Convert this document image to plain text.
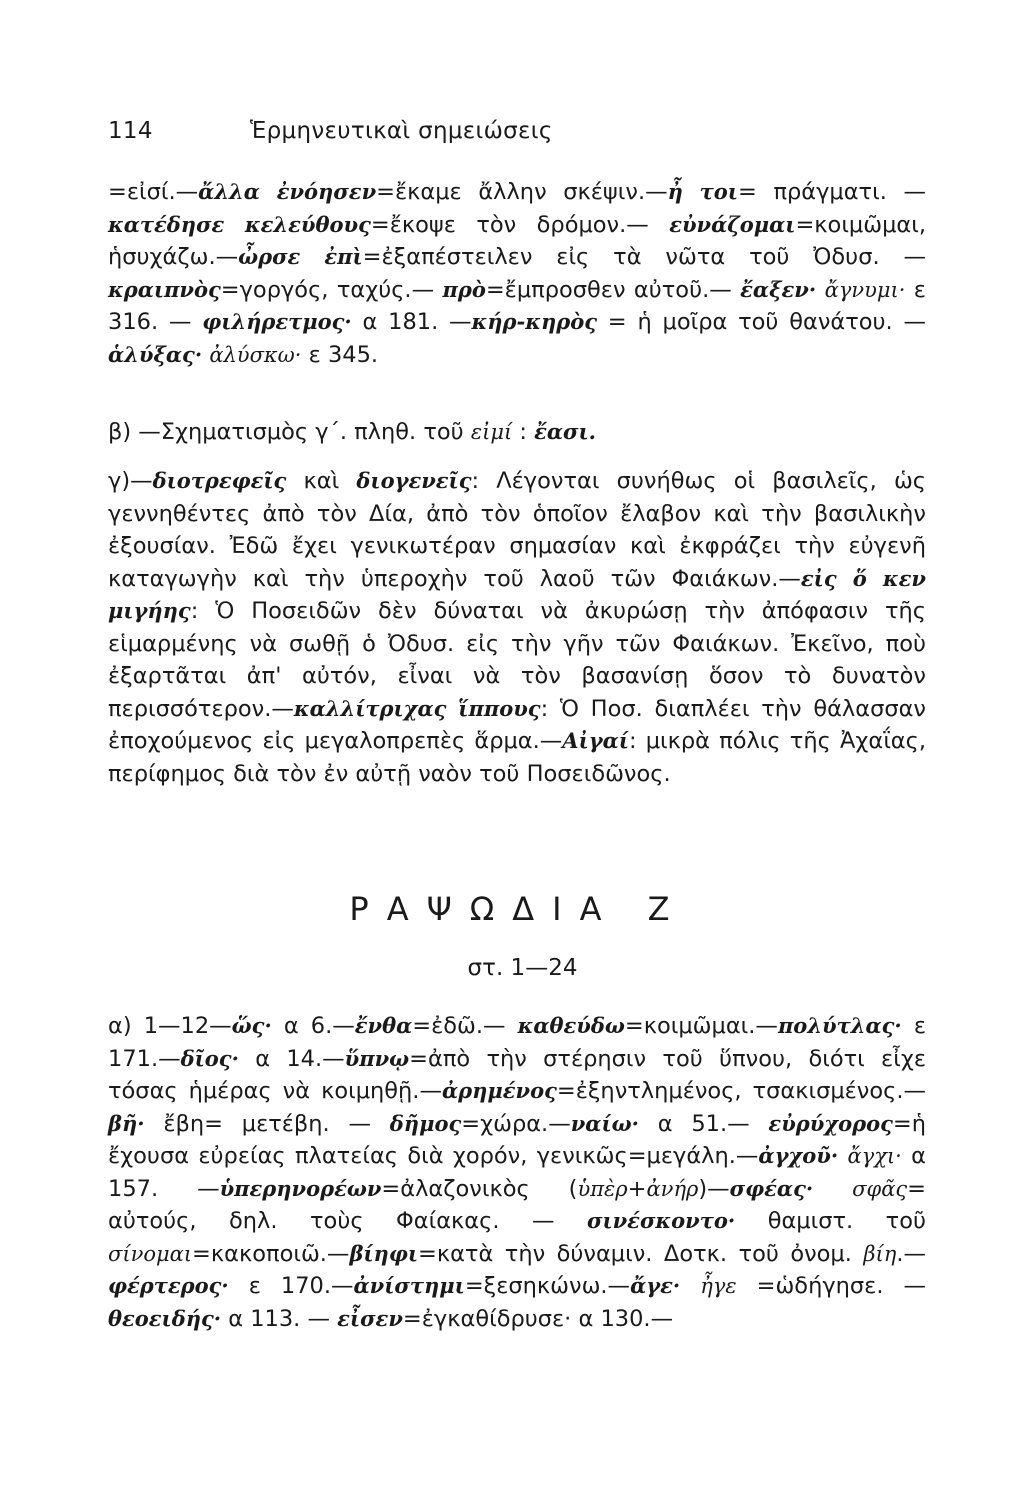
114	Ἑρμηνευτικαὶ σημειώσεις

=εἰσί.—ἄλλα ἐνόησεν=ἔκαμε ἄλλην σκέψιν.—ἦ τοι= πράγματι. —κατέδησε κελεύθους=ἔκοψε τὸν δρόμον.— εὐνάζομαι=κοιμῶμαι, ἡσυχάζω.—ὦρσε ἐπὶ=ἐξαπέστειλεν εἰς τὰ νῶτα τοῦ Ὀδυσ. —κραιπνὸς=γοργός, ταχύς.— πρὸ=ἔμπροσθεν αὐτοῦ.— ἔαξεν· ἄγνυμι· ε 316. — φιλήρετμος· α 181. —κήρ-κηρὸς = ἡ μοῖρα τοῦ θανάτου. —ἁλύξας· ἀλύσκω· ε 345.

β) —Σχηματισμὸς γ΄. πληθ. τοῦ εἰμί : ἔασι.

γ)—διοτρεφεῖς καὶ διογενεῖς: Λέγονται συνήθως οἱ βασιλεῖς, ὡς γεννηθέντες ἀπὸ τὸν Δία, ἀπὸ τὸν ὁποῖον ἔλαβον καὶ τὴν βασιλικὴν ἐξουσίαν. Ἐδῶ ἔχει γενικωτέραν σημασίαν καὶ ἐκφράζει τὴν εὐγενῆ καταγωγὴν καὶ τὴν ὑπεροχὴν τοῦ λαοῦ τῶν Φαιάκων.—εἰς ὅ κεν μιγήης: Ὁ Ποσειδῶν δὲν δύναται νὰ ἀκυρώσῃ τὴν ἀπόφασιν τῆς εἱμαρμένης νὰ σωθῇ ὁ Ὀδυσ. εἰς τὴν γῆν τῶν Φαιάκων. Ἐκεῖνο, ποὺ ἐξαρτᾶται ἀπ' αὐτόν, εἶναι νὰ τὸν βασανίσῃ ὅσον τὸ δυνατὸν περισσότερον.—καλλίτριχας ἵππους: Ὁ Ποσ. διαπλέει τὴν θάλασσαν ἐποχούμενος εἰς μεγαλοπρεπὲς ἅρμα.—Αἰγαί: μικρὰ πόλις τῆς Ἀχαΐας, περίφημος διὰ τὸν ἐν αὐτῇ ναὸν τοῦ Ποσειδῶνος.

ΡΑΨΩΔΙΑ Ζ
στ. 1—24

α) 1—12—ὥς· α 6.—ἔνθα=ἐδῶ.— καθεύδω=κοιμῶμαι.—πολύτλας· ε 171.—δῖος· α 14.—ὕπνῳ=ἀπὸ τὴν στέρησιν τοῦ ὕπνου, διότι εἶχε τόσας ἡμέρας νὰ κοιμηθῇ.—ἀρημένος=ἐξηντλημένος, τσακισμένος.—βῆ· ἔβη= μετέβη. — δῆμος=χώρα.—ναίω· α 51.— εὐρύχορος=ἡ ἔχουσα εὐρείας πλατείας διὰ χορόν, γενικῶς=μεγάλη.—ἀγχοῦ· ἄγχι· α 157. —ὑπερηνορέων=ἀλαζονικὸς (ὑπὲρ+ἀνήρ)—σφέας· σφᾶς= αὐτούς, δηλ. τοὺς Φαίακας. — σινέσκοντο· θαμιστ. τοῦ σίνομαι=κακοποιῶ.—βίηφι=κατὰ τὴν δύναμιν. Δοτκ. τοῦ ὀνομ. βίη.—φέρτερος· ε 170.—ἀνίστημι=ξεσηκώνω.—ἄγε· ἦγε =ὡδήγησε. —θεοειδής· α 113. — εἶσεν=ἐγκαθίδρυσε· α 130.—
